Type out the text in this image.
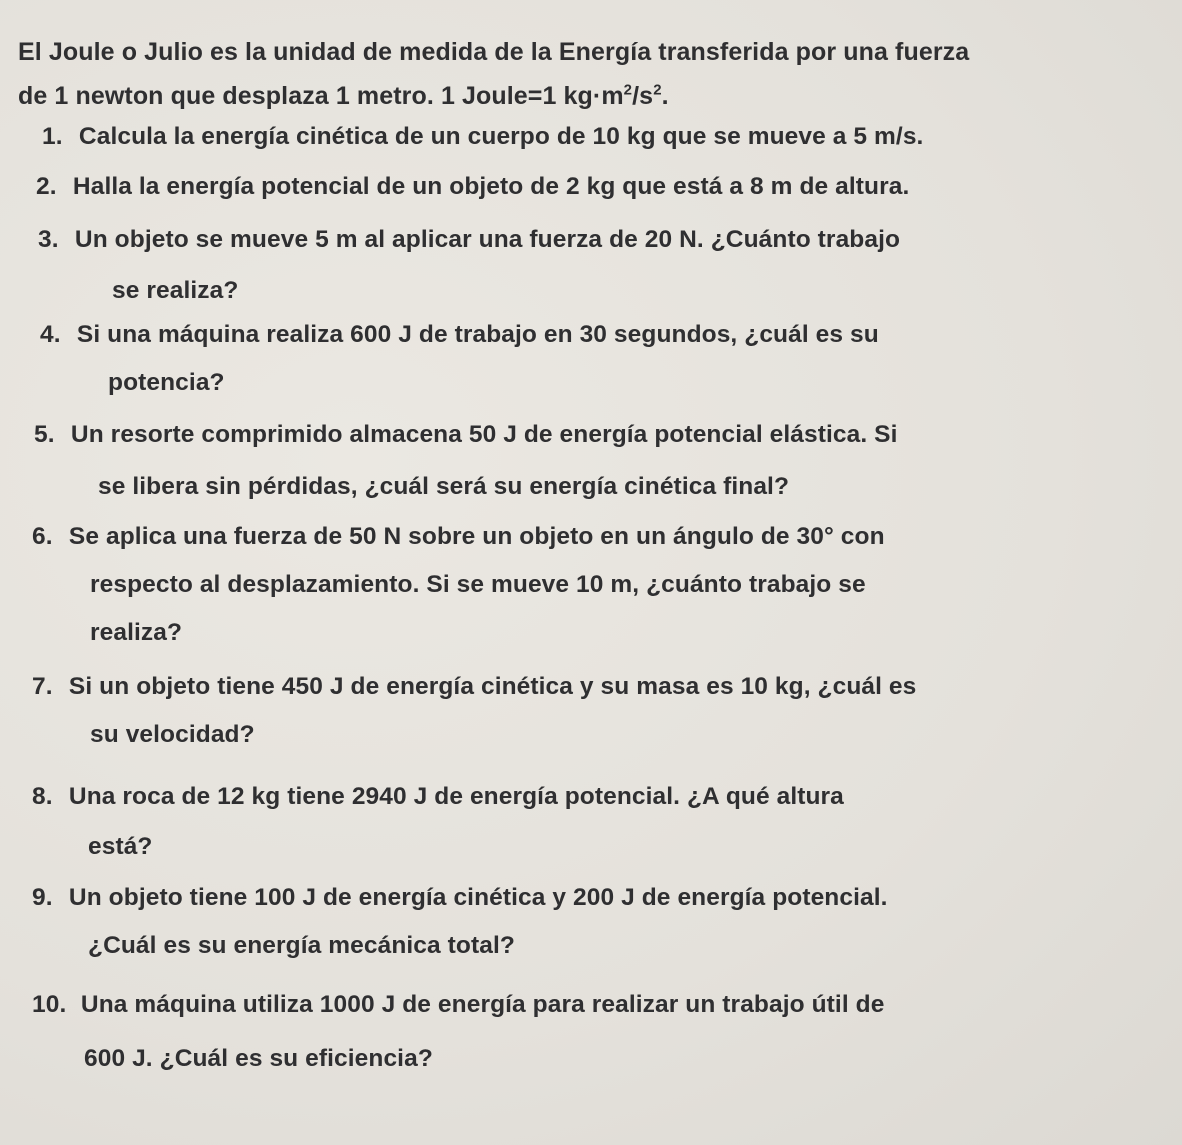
El Joule o Julio es la unidad de medida de la Energía transferida por una fuerza
de 1 newton que desplaza 1 metro. 1 Joule=1 $kg\cdot m^2/s^2$.
1. Calcula la energía cinética de un cuerpo de 10 kg que se mueve a 5 m/s.
2. Halla la energía potencial de un objeto de 2 kg que está a 8 m de altura.
3. Un objeto se mueve 5 m al aplicar una fuerza de 20 N. ¿Cuánto trabajo
se realiza?
4. Si una máquina realiza 600 J de trabajo en 30 segundos, ¿cuál es su
potencia?
5. Un resorte comprimido almacena 50 J de energía potencial elástica. Si
se libera sin pérdidas, ¿cuál será su energía cinética final?
6. Se aplica una fuerza de 50 N sobre un objeto en un ángulo de 30° con
respecto al desplazamiento. Si se mueve 10 m, ¿cuánto trabajo se
realiza?
7. Si un objeto tiene 450 J de energía cinética y su masa es 10 kg, ¿cuál es
su velocidad?
8. Una roca de 12 kg tiene 2940 J de energía potencial. ¿A qué altura
está?
9. Un objeto tiene 100 J de energía cinética y 200 J de energía potencial.
¿Cuál es su energía mecánica total?
10. Una máquina utiliza 1000 J de energía para realizar un trabajo útil de
600 J. ¿Cuál es su eficiencia?
